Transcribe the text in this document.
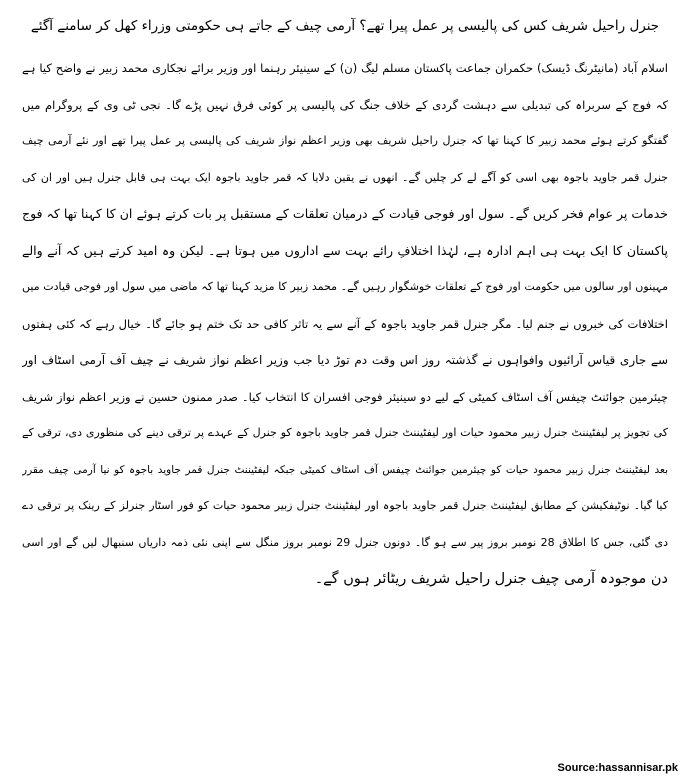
جنرل راحیل شریف کس کی پالیسی پر عمل پیرا تھے؟ آرمی چیف کے جاتے ہی حکومتی وزراء کھل کر سامنے آگئے
اسلام آباد (مانیٹرنگ ڈیسک) حکمران جماعت پاکستان مسلم لیگ (ن) کے سینیئر رہنما اور وزیر برائے نجکاری محمد زبیر نے واضح کیا ہے
کہ فوج کے سربراہ کی تبدیلی سے دہشت گردی کے خلاف جنگ کی پالیسی پر کوئی فرق نہیں پڑے گا۔ نجی ٹی وی کے پروگرام میں
گفتگو کرتے ہوئے محمد زبیر کا کہنا تھا کہ جنرل راحیل شریف بھی وزیر اعظم نواز شریف کی پالیسی پر عمل پیرا تھے اور نئے آرمی چیف
جنرل قمر جاوید باجوہ بھی اسی کو آگے لے کر چلیں گے۔ انھوں نے یقین دلایا کہ قمر جاوید باجوہ ایک بہت ہی قابل جنرل ہیں اور ان کی
خدمات پر عوام فخر کریں گے۔ سول اور فوجی قیادت کے درمیان تعلقات کے مستقبل پر بات کرتے ہوئے ان کا کہنا تھا کہ فوج
پاکستان کا ایک بہت ہی اہم ادارہ ہے، لہٰذا اختلافِ رائے بہت سے اداروں میں ہوتا ہے۔ لیکن وہ امید کرتے ہیں کہ آنے والے
مہینوں اور سالوں میں حکومت اور فوج کے تعلقات خوشگوار رہیں گے۔ محمد زبیر کا مزید کہنا تھا کہ ماضی میں سول اور فوجی قیادت میں
اختلافات کی خبروں نے جنم لیا۔ مگر جنرل قمر جاوید باجوہ کے آنے سے یہ تاثر کافی حد تک ختم ہو جائے گا۔ خیال رہے کہ کئی ہفتوں
سے جاری قیاس آرائیوں وافواہوں نے گذشتہ روز اس وقت دم توڑ دیا جب وزیر اعظم نواز شریف نے چیف آف آرمی اسٹاف اور
چیئرمین جوائنٹ چیفس آف اسٹاف کمیٹی کے لیے دو سینیئر فوجی افسران کا انتخاب کیا۔ صدر ممنون حسین نے وزیر اعظم نواز شریف
کی تجویز پر لیفٹیننٹ جنرل زبیر محمود حیات اور لیفٹیننٹ جنرل قمر جاوید باجوہ کو جنرل کے عہدے پر ترقی دینے کی منظوری دی، ترقی کے
بعد لیفٹیننٹ جنرل زبیر محمود حیات کو چیئرمین جوائنٹ چیفس آف اسٹاف کمیٹی جبکہ لیفٹیننٹ جنرل قمر جاوید باجوہ کو نیا آرمی چیف مقرر
کیا گیا۔ نوٹیفکیشن کے مطابق لیفٹیننٹ جنرل قمر جاوید باجوہ اور لیفٹیننٹ جنرل زبیر محمود حیات کو فور اسٹار جنرلز کے رینک پر ترقی دے
دی گئی، جس کا اطلاق 28 نومبر بروز پیر سے ہو گا۔ دونوں جنرل 29 نومبر بروز منگل سے اپنی نئی ذمہ داریاں سنبھال لیں گے اور اسی
دن موجودہ آرمی چیف جنرل راحیل شریف ریٹائر ہوں گے۔
Source:hassannisar.pk
